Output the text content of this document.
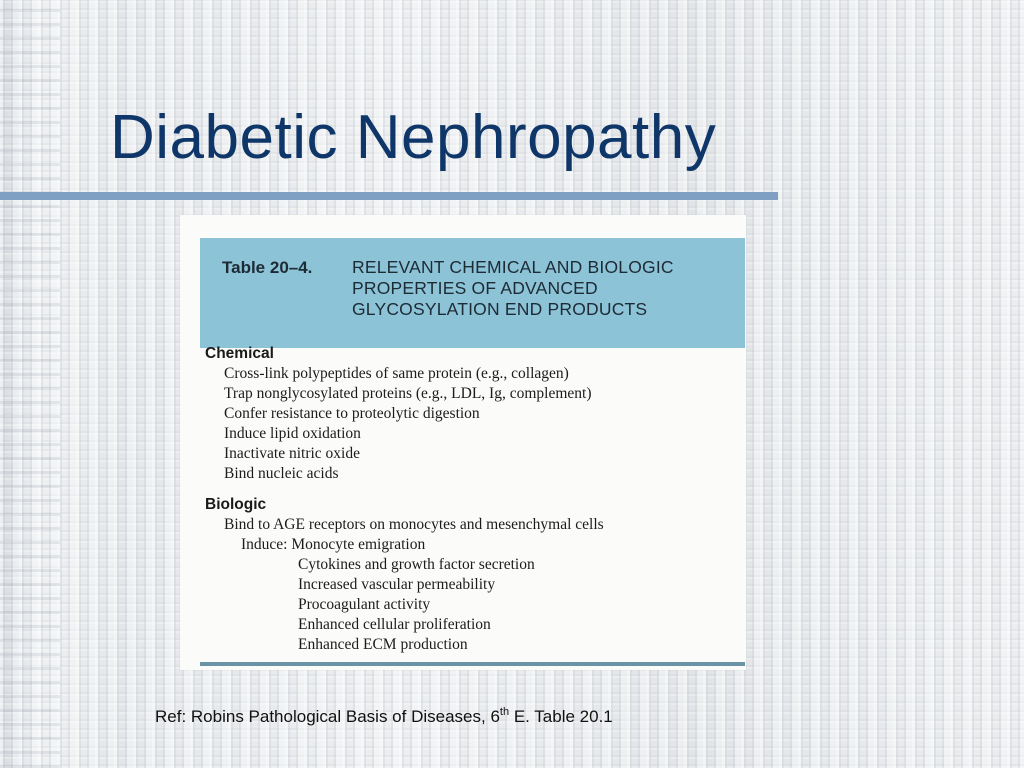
Diabetic Nephropathy
Table 20–4. RELEVANT CHEMICAL AND BIOLOGIC
PROPERTIES OF ADVANCED
GLYCOSYLATION END PRODUCTS
Chemical
Cross-link polypeptides of same protein (e.g., collagen)
Trap nonglycosylated proteins (e.g., LDL, Ig, complement)
Confer resistance to proteolytic digestion
Induce lipid oxidation
Inactivate nitric oxide
Bind nucleic acids
Biologic
Bind to AGE receptors on monocytes and mesenchymal cells
Induce: Monocyte emigration
Cytokines and growth factor secretion
Increased vascular permeability
Procoagulant activity
Enhanced cellular proliferation
Enhanced ECM production
Ref: Robins Pathological Basis of Diseases, 6th E. Table 20.1
